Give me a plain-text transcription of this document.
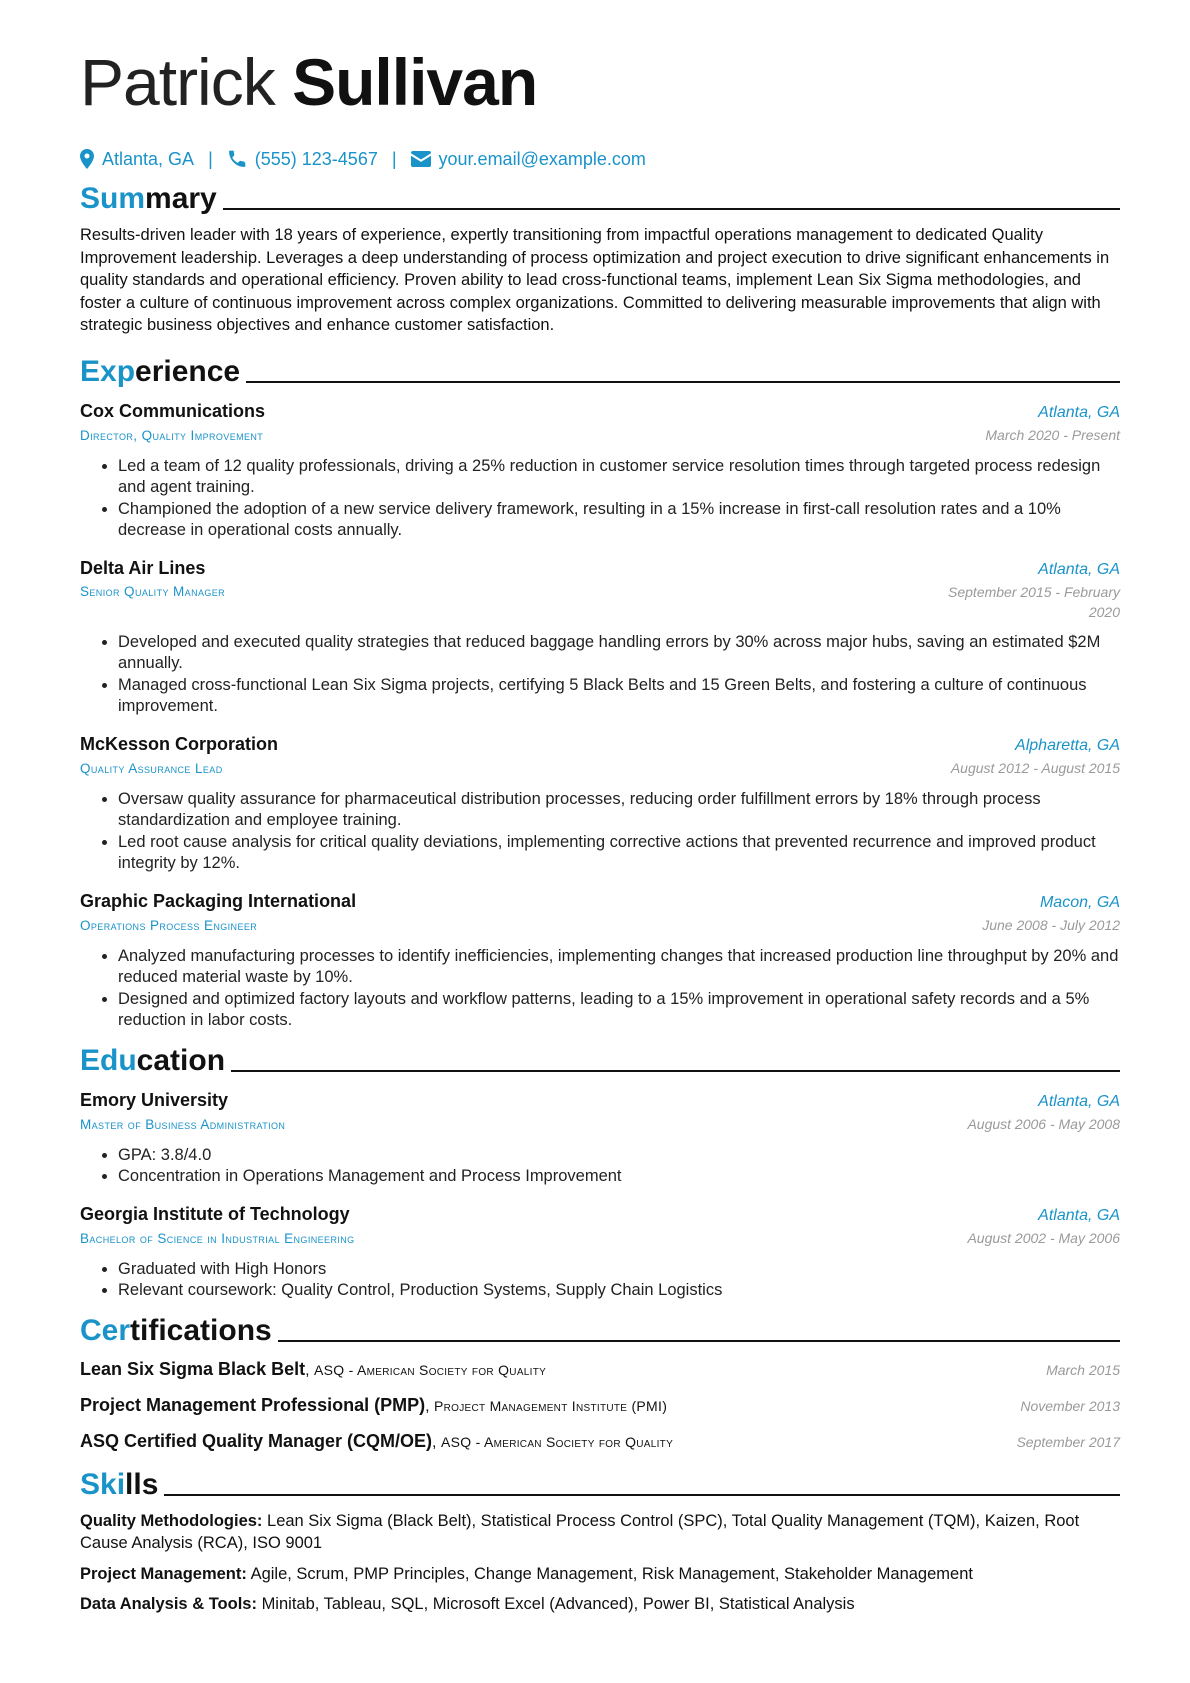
Patrick Sullivan
Atlanta, GA | (555) 123-4567 | your.email@example.com
Summary
Results-driven leader with 18 years of experience, expertly transitioning from impactful operations management to dedicated Quality Improvement leadership. Leverages a deep understanding of process optimization and project execution to drive significant enhancements in quality standards and operational efficiency. Proven ability to lead cross-functional teams, implement Lean Six Sigma methodologies, and foster a culture of continuous improvement across complex organizations. Committed to delivering measurable improvements that align with strategic business objectives and enhance customer satisfaction.
Experience
Cox Communications	Atlanta, GA
Director, Quality Improvement	March 2020 - Present
• Led a team of 12 quality professionals, driving a 25% reduction in customer service resolution times through targeted process redesign and agent training.
• Championed the adoption of a new service delivery framework, resulting in a 15% increase in first-call resolution rates and a 10% decrease in operational costs annually.
Delta Air Lines	Atlanta, GA
Senior Quality Manager	September 2015 - February 2020
• Developed and executed quality strategies that reduced baggage handling errors by 30% across major hubs, saving an estimated $2M annually.
• Managed cross-functional Lean Six Sigma projects, certifying 5 Black Belts and 15 Green Belts, and fostering a culture of continuous improvement.
McKesson Corporation	Alpharetta, GA
Quality Assurance Lead	August 2012 - August 2015
• Oversaw quality assurance for pharmaceutical distribution processes, reducing order fulfillment errors by 18% through process standardization and employee training.
• Led root cause analysis for critical quality deviations, implementing corrective actions that prevented recurrence and improved product integrity by 12%.
Graphic Packaging International	Macon, GA
Operations Process Engineer	June 2008 - July 2012
• Analyzed manufacturing processes to identify inefficiencies, implementing changes that increased production line throughput by 20% and reduced material waste by 10%.
• Designed and optimized factory layouts and workflow patterns, leading to a 15% improvement in operational safety records and a 5% reduction in labor costs.
Education
Emory University	Atlanta, GA
Master of Business Administration	August 2006 - May 2008
• GPA: 3.8/4.0
• Concentration in Operations Management and Process Improvement
Georgia Institute of Technology	Atlanta, GA
Bachelor of Science in Industrial Engineering	August 2002 - May 2006
• Graduated with High Honors
• Relevant coursework: Quality Control, Production Systems, Supply Chain Logistics
Certifications
Lean Six Sigma Black Belt, ASQ - American Society for Quality	March 2015
Project Management Professional (PMP), Project Management Institute (PMI)	November 2013
ASQ Certified Quality Manager (CQM/OE), ASQ - American Society for Quality	September 2017
Skills
Quality Methodologies: Lean Six Sigma (Black Belt), Statistical Process Control (SPC), Total Quality Management (TQM), Kaizen, Root Cause Analysis (RCA), ISO 9001
Project Management: Agile, Scrum, PMP Principles, Change Management, Risk Management, Stakeholder Management
Data Analysis & Tools: Minitab, Tableau, SQL, Microsoft Excel (Advanced), Power BI, Statistical Analysis
